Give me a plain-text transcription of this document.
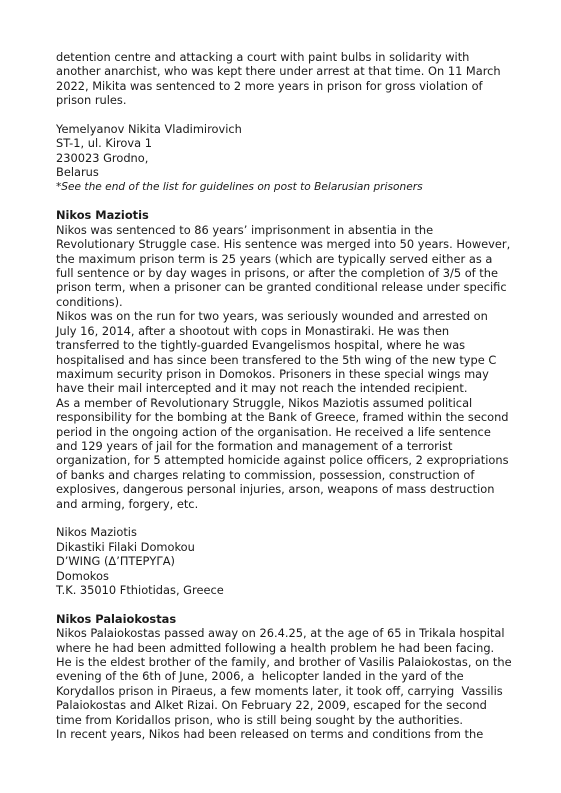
detention centre and attacking a court with paint bulbs in solidarity with
another anarchist, who was kept there under arrest at that time. On 11 March
2022, Mikita was sentenced to 2 more years in prison for gross violation of
prison rules.

Yemelyanov Nikita Vladimirovich
ST-1, ul. Kirova 1
230023 Grodno,
Belarus
*See the end of the list for guidelines on post to Belarusian prisoners

Nikos Maziotis

Nikos was sentenced to 86 years’ imprisonment in absentia in the
Revolutionary Struggle case. His sentence was merged into 50 years. However,
the maximum prison term is 25 years (which are typically served either as a
full sentence or by day wages in prisons, or after the completion of 3/5 of the
prison term, when a prisoner can be granted conditional release under specific
conditions).

Nikos was on the run for two years, was seriously wounded and arrested on
July 16, 2014, after a shootout with cops in Monastiraki. He was then
transferred to the tightly-guarded Evangelismos hospital, where he was
hospitalised and has since been transfered to the 5th wing of the new type C
maximum security prison in Domokos. Prisoners in these special wings may
have their mail intercepted and it may not reach the intended recipient.

As a member of Revolutionary Struggle, Nikos Maziotis assumed political
responsibility for the bombing at the Bank of Greece, framed within the second
period in the ongoing action of the organisation. He received a life sentence
and 129 years of jail for the formation and management of a terrorist
organization, for 5 attempted homicide against police officers, 2 expropriations
of banks and charges relating to commission, possession, construction of
explosives, dangerous personal injuries, arson, weapons of mass destruction
and arming, forgery, etc.

Nikos Maziotis
Dikastiki Filaki Domokou
D’WING (Δ’ΠΤΕΡΥΓΑ)
Domokos
T.K. 35010 Fthiotidas, Greece

Nikos Palaiokostas

Nikos Palaiokostas passed away on 26.4.25, at the age of 65 in Trikala hospital
where he had been admitted following a health problem he had been facing.
He is the eldest brother of the family, and brother of Vasilis Palaiokostas, on the
evening of the 6th of June, 2006, a  helicopter landed in the yard of the
Korydallos prison in Piraeus, a few moments later, it took off, carrying  Vassilis
Palaiokostas and Alket Rizai. On February 22, 2009, escaped for the second
time from Koridallos prison, who is still being sought by the authorities.

In recent years, Nikos had been released on terms and conditions from the
